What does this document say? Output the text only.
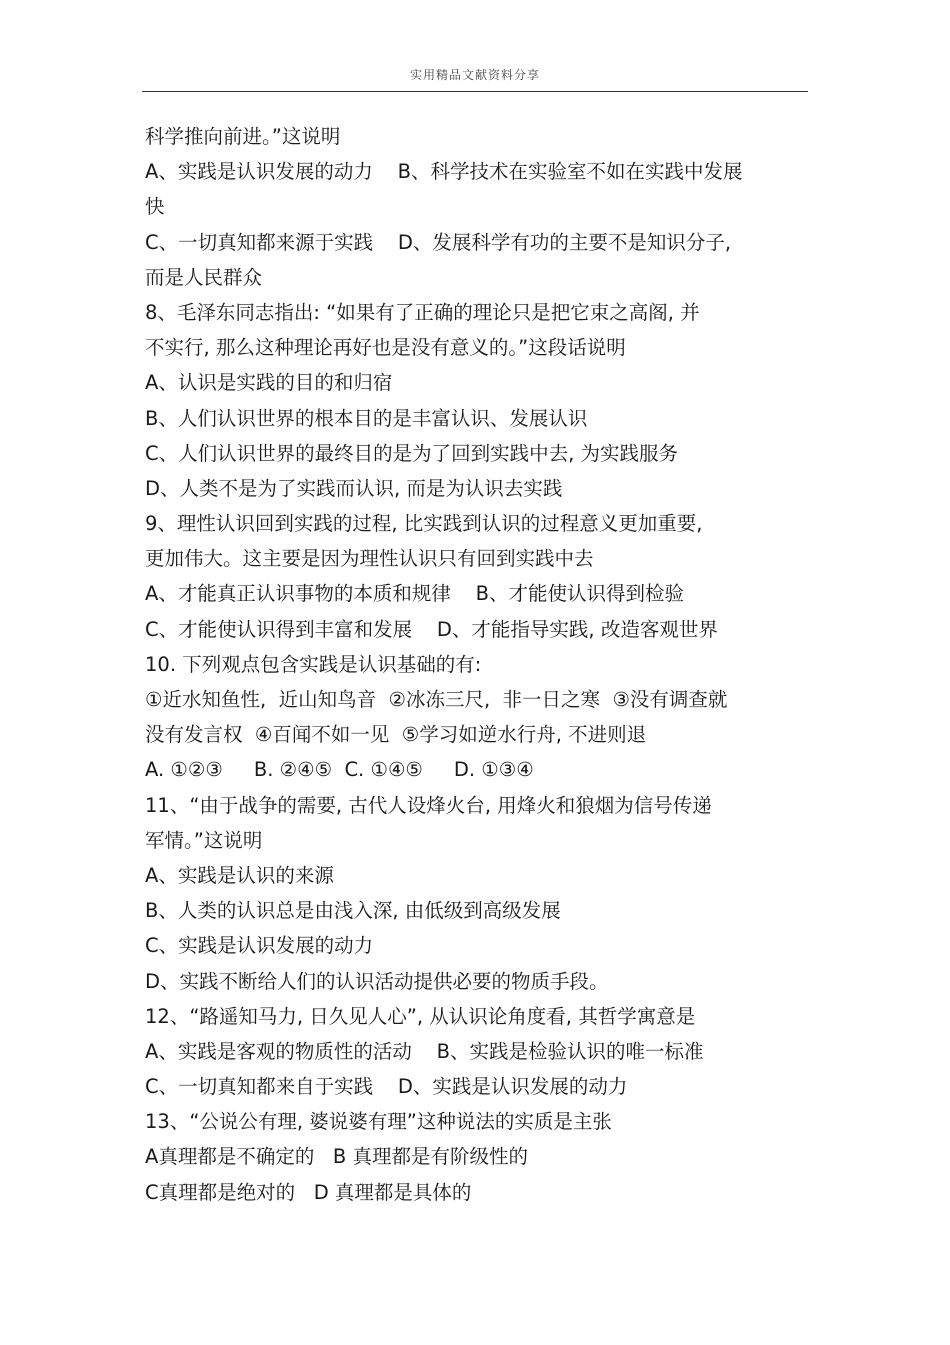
实用精品文献资料分享
科学推向前进。”这说明
A、实践是认识发展的动力    B、科学技术在实验室不如在实践中发展
快
C、一切真知都来源于实践    D、发展科学有功的主要不是知识分子,
而是人民群众
8、毛泽东同志指出: “如果有了正确的理论只是把它束之高阁, 并
不实行, 那么这种理论再好也是没有意义的。”这段话说明
A、认识是实践的目的和归宿
B、人们认识世界的根本目的是丰富认识、发展认识
C、人们认识世界的最终目的是为了回到实践中去, 为实践服务
D、人类不是为了实践而认识, 而是为认识去实践
9、理性认识回到实践的过程, 比实践到认识的过程意义更加重要,
更加伟大。这主要是因为理性认识只有回到实践中去
A、才能真正认识事物的本质和规律    B、才能使认识得到检验
C、才能使认识得到丰富和发展    D、才能指导实践, 改造客观世界
10. 下列观点包含实践是认识基础的有:
①近水知鱼性,  近山知鸟音  ②冰冻三尺,  非一日之寒  ③没有调查就
没有发言权  ④百闻不如一见  ⑤学习如逆水行舟, 不进则退
A. ①②③     B. ②④⑤  C. ①④⑤     D. ①③④
11、“由于战争的需要, 古代人设烽火台, 用烽火和狼烟为信号传递
军情。”这说明
A、实践是认识的来源
B、人类的认识总是由浅入深, 由低级到高级发展
C、实践是认识发展的动力
D、实践不断给人们的认识活动提供必要的物质手段。
12、“路遥知马力, 日久见人心”, 从认识论角度看, 其哲学寓意是
A、实践是客观的物质性的活动    B、实践是检验认识的唯一标准
C、一切真知都来自于实践    D、实践是认识发展的动力
13、“公说公有理, 婆说婆有理”这种说法的实质是主张
A真理都是不确定的   B 真理都是有阶级性的
C真理都是绝对的   D 真理都是具体的
